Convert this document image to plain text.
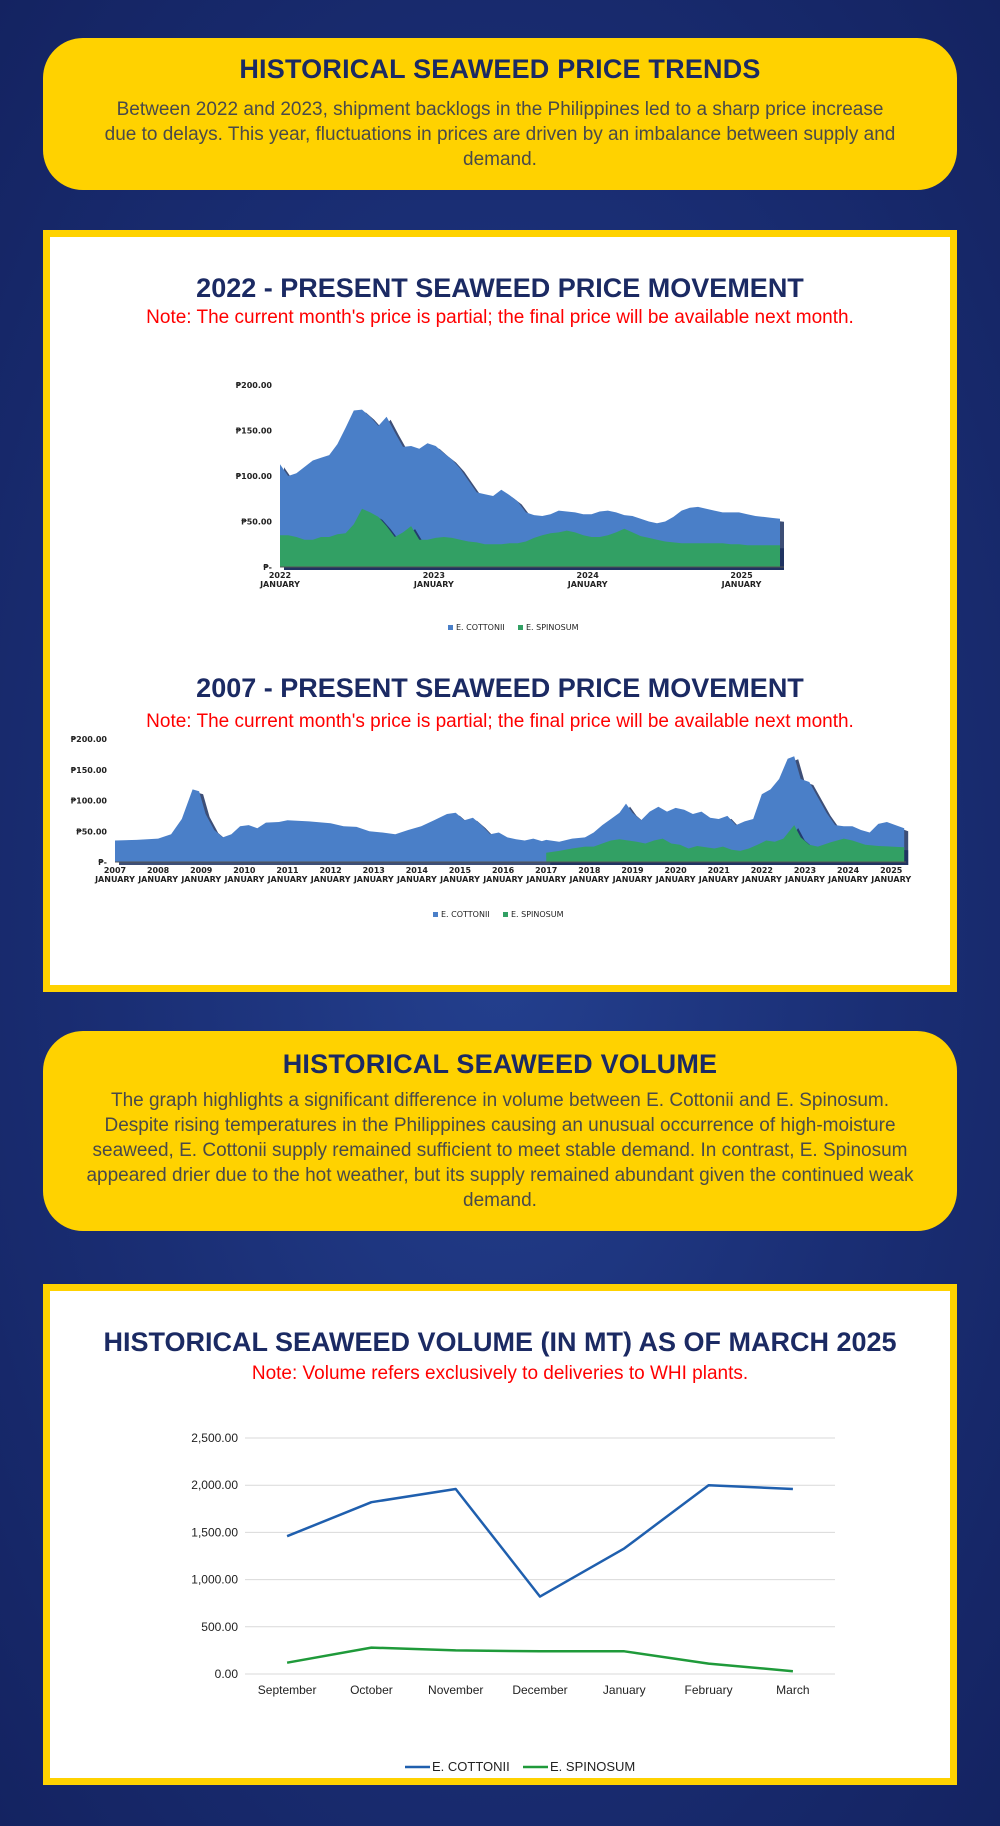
HISTORICAL SEAWEED PRICE TRENDS

Between 2022 and 2023, shipment backlogs in the Philippines led to a sharp price increase due to delays. This year, fluctuations in prices are driven by an imbalance between supply and demand.

2022 - PRESENT SEAWEED PRICE MOVEMENT

Note: The current month's price is partial; the final price will be available next month.

₱-
₱50.00
₱100.00
₱150.00
₱200.00
2022
JANUARY
2023
JANUARY
2024
JANUARY
2025
JANUARY
E. COTTONII	E. SPINOSUM
2007 - PRESENT SEAWEED PRICE MOVEMENT

Note: The current month's price is partial; the final price will be available next month.

₱-
₱50.00
₱100.00
₱150.00
₱200.00
2007
JANUARY
2008
JANUARY
2009
JANUARY
2010
JANUARY
2011
JANUARY
2012
JANUARY
2013
JANUARY
2014
JANUARY
2015
JANUARY
2016
JANUARY
2017
JANUARY
2018
JANUARY
2019
JANUARY
2020
JANUARY
2021
JANUARY
2022
JANUARY
2023
JANUARY
2024
JANUARY
2025
JANUARY
E. COTTONII	E. SPINOSUM
HISTORICAL SEAWEED VOLUME

The graph highlights a significant difference in volume between E. Cottonii and E. Spinosum. Despite rising temperatures in the Philippines causing an unusual occurrence of high-moisture seaweed, E. Cottonii supply remained sufficient to meet stable demand. In contrast, E. Spinosum appeared drier due to the hot weather, but its supply remained abundant given the continued weak demand.

HISTORICAL SEAWEED VOLUME (IN MT) AS OF MARCH 2025

Note: Volume refers exclusively to deliveries to WHI plants.

0.00
500.00
1,000.00
1,500.00
2,000.00
2,500.00
September	October	November December	January	February	March
E. COTTONII	E. SPINOSUM
